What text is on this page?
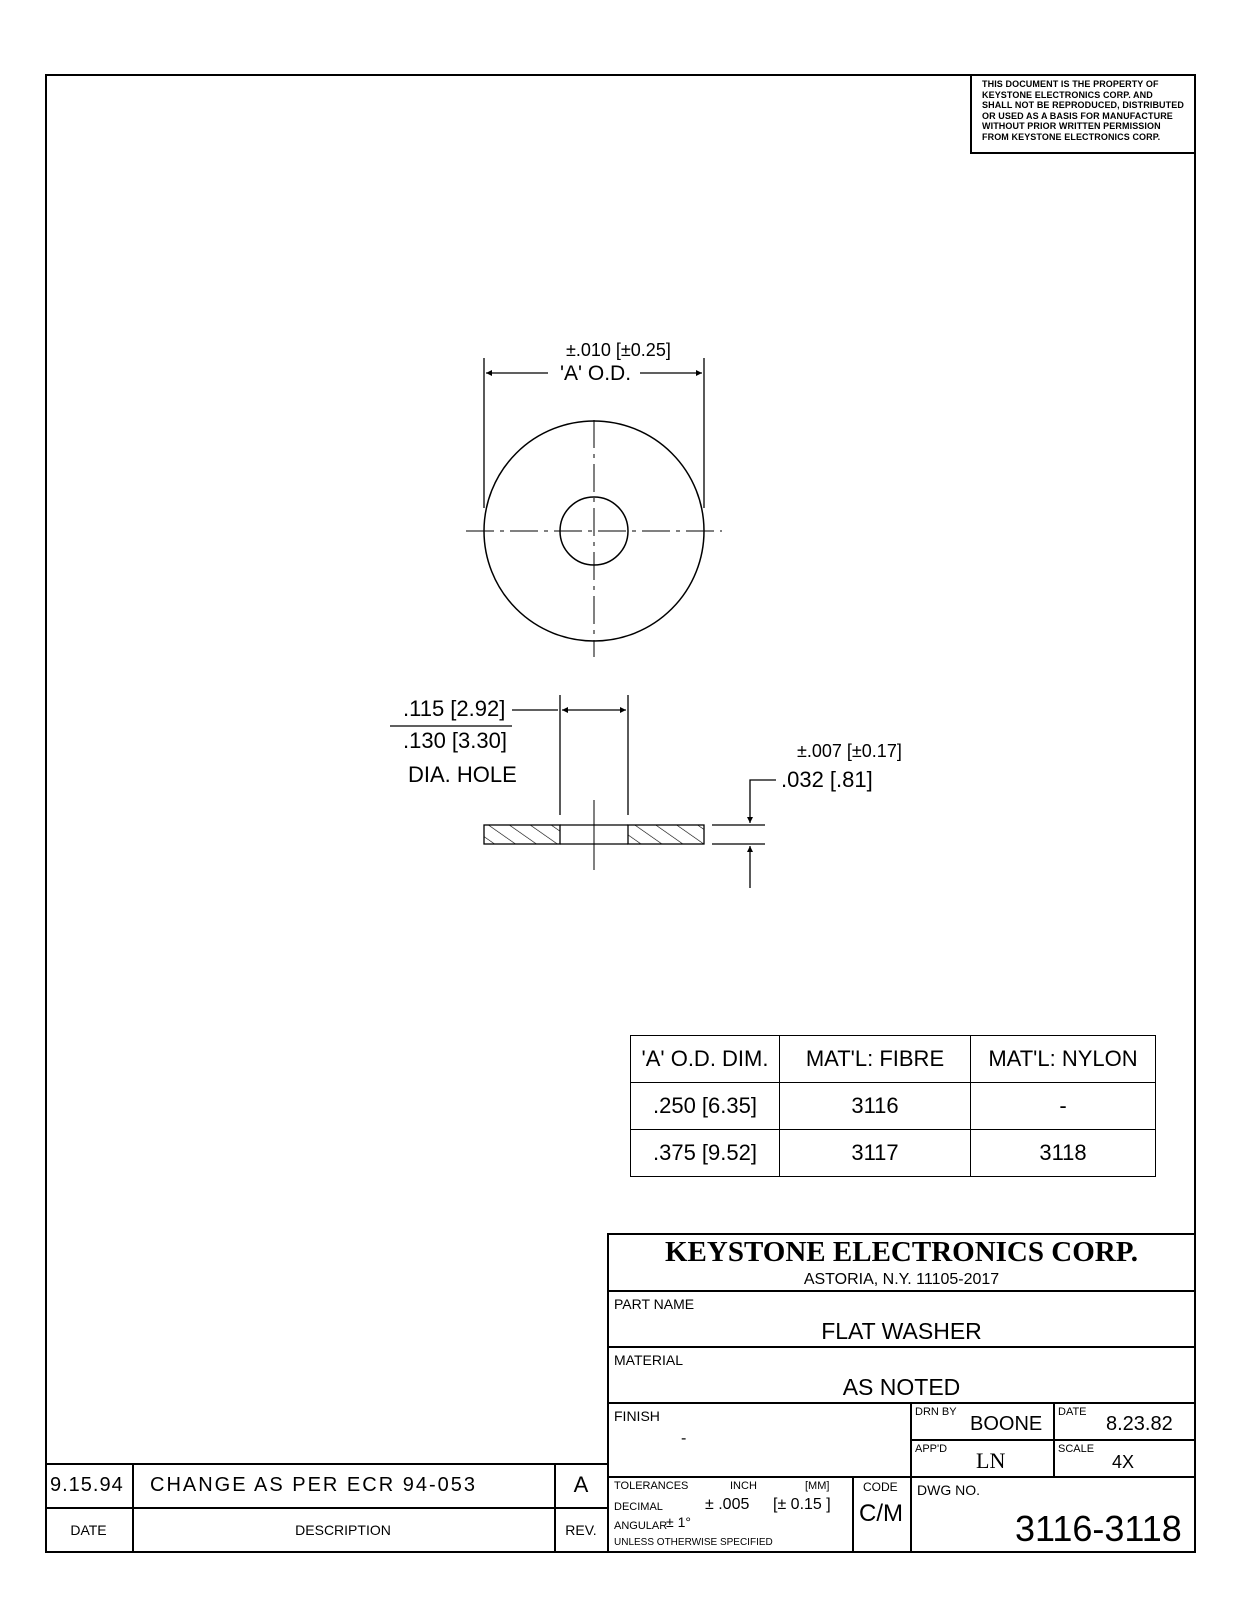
THIS DOCUMENT IS THE PROPERTY OF
KEYSTONE ELECTRONICS CORP. AND
SHALL NOT BE REPRODUCED, DISTRIBUTED
OR USED AS A BASIS FOR MANUFACTURE
WITHOUT PRIOR WRITTEN PERMISSION
FROM KEYSTONE ELECTRONICS CORP.
±.010 [±0.25]
'A' O.D.
.115 [2.92]
.130 [3.30]
DIA. HOLE
±.007 [±0.17]
.032 [.81]
'A' O.D. DIM.	MAT'L: FIBRE	MAT'L: NYLON
.250 [6.35]	3116	-
.375 [9.52]	3117	3118
KEYSTONE ELECTRONICS CORP.
ASTORIA, N.Y. 11105-2017
PART NAME
FLAT WASHER
MATERIAL
AS NOTED
FINISH
-
DRN BY
BOONE
DATE
8.23.82
APP'D LN	SCALE
4X
TOLERANCES	INCH	[MM]	CODE
DECIMAL	± .005 [± 0.15 ]
ANGULAR
± 1°
UNLESS OTHERWISE SPECIFIED
C/M
DWG NO.
3116-3118
9.15.94 CHANGE AS PER ECR 94-053	A
DATE	DESCRIPTION	REV.
